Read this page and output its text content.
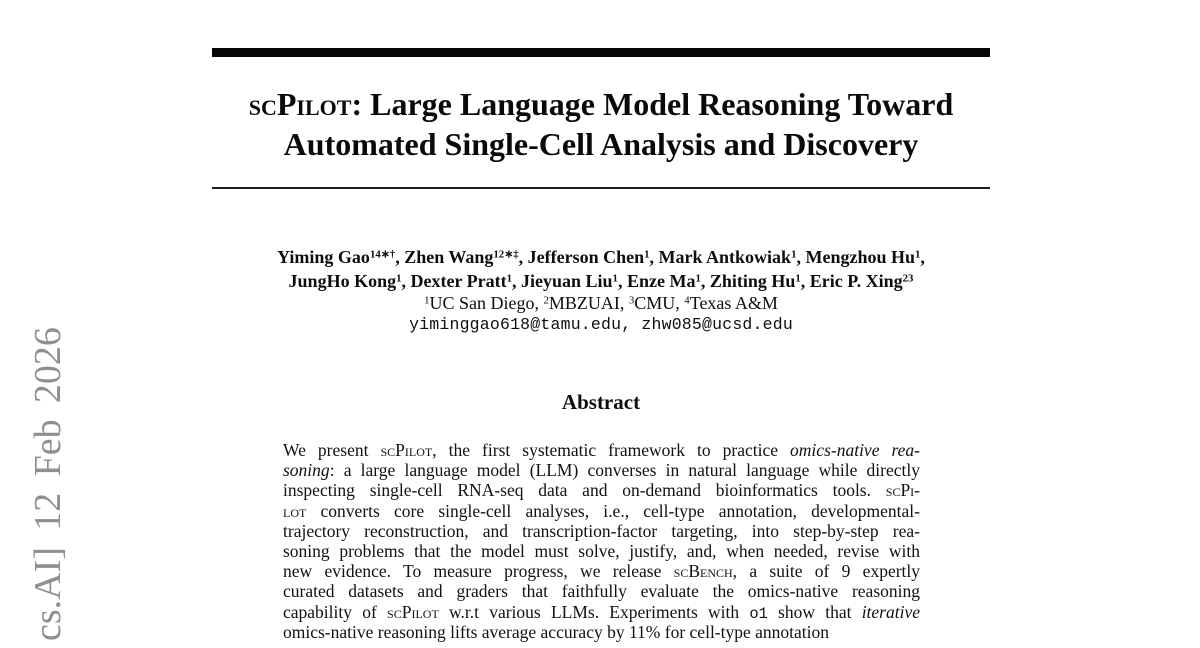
cs.AI] 12 Feb 2026
scPilot: Large Language Model Reasoning Toward
Automated Single-Cell Analysis and Discovery
Yiming Gao$^{14∗\dagger}$, Zhen Wang$^{12∗\ddagger}$, Jefferson Chen$^1$, Mark Antkowiak$^1$, Mengzhou Hu$^1$,
JungHo Kong$^1$, Dexter Pratt$^1$, Jieyuan Liu$^1$, Enze Ma$^1$, Zhiting Hu$^1$, Eric P. Xing$^{23}$
$^1$UC San Diego, $^2$MBZUAI, $^3$CMU, $^4$Texas A&M
yiminggao618@tamu.edu, zhw085@ucsd.edu
Abstract
We present scPilot, the first systematic framework to practice omics-native rea-
soning: a large language model (LLM) converses in natural language while directly
inspecting single-cell RNA-seq data and on-demand bioinformatics tools. scPi-
lot converts core single-cell analyses, i.e., cell-type annotation, developmental-
trajectory reconstruction, and transcription-factor targeting, into step-by-step rea-
soning problems that the model must solve, justify, and, when needed, revise with
new evidence. To measure progress, we release scBench, a suite of 9 expertly
curated datasets and graders that faithfully evaluate the omics-native reasoning
capability of scPilot w.r.t various LLMs. Experiments with o1 show that iterative
omics-native reasoning lifts average accuracy by 11% for cell-type annotation
